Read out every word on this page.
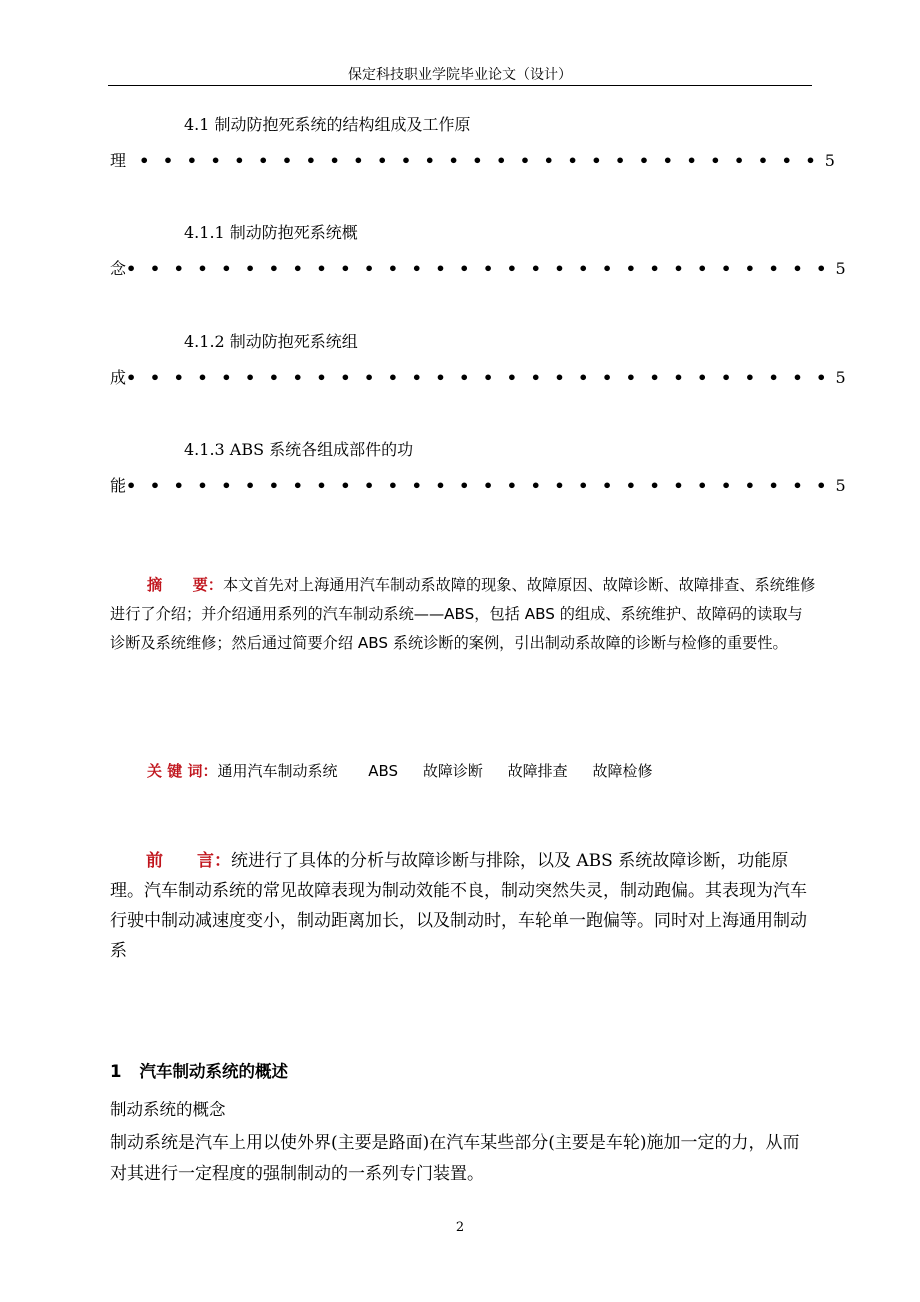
保定科技职业学院毕业论文（设计）
4.1 制动防抱死系统的结构组成及工作原
理 • • • • • • • • • • • • • • • • • • • • • • • • • • • • • 5
4.1.1 制动防抱死系统概
念• • • • • • • • • • • • • • • • • • • • • • • • • • • • • • 5
4.1.2 制动防抱死系统组
成• • • • • • • • • • • • • • • • • • • • • • • • • • • • • • 5
4.1.3 ABS 系统各组成部件的功
能• • • • • • • • • • • • • • • • • • • • • • • • • • • • • • 5
摘　　要：本文首先对上海通用汽车制动系故障的现象、故障原因、故障诊断、故障排查、系统维修进行了介绍；并介绍通用系列的汽车制动系统——ABS，包括 ABS 的组成、系统维护、故障码的读取与诊断及系统维修；然后通过简要介绍 ABS 系统诊断的案例，引出制动系故障的诊断与检修的重要性。
关 键 词：通用汽车制动系统 ABS 故障诊断 故障排查 故障检修
前　　言：统进行了具体的分析与故障诊断与排除，以及 ABS 系统故障诊断，功能原理。汽车制动系统的常见故障表现为制动效能不良，制动突然失灵，制动跑偏。其表现为汽车行驶中制动减速度变小，制动距离加长，以及制动时，车轮单一跑偏等。同时对上海通用制动系
1 汽车制动系统的概述
制动系统的概念
制动系统是汽车上用以使外界(主要是路面)在汽车某些部分(主要是车轮)施加一定的力，从而对其进行一定程度的强制制动的一系列专门装置。
2
